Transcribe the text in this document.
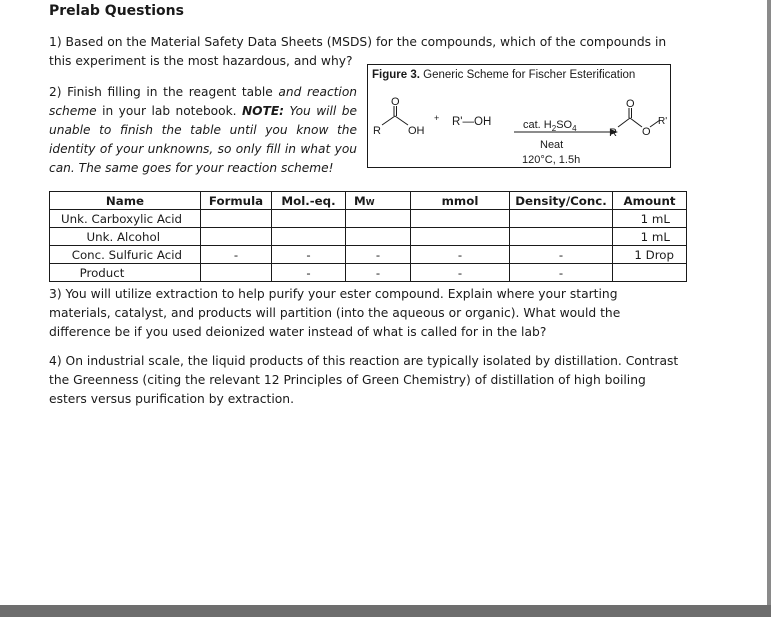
Prelab Questions
1) Based on the Material Safety Data Sheets (MSDS) for the compounds, which of the compounds in this experiment is the most hazardous, and why?
2) Finish filling in the reagent table and reaction scheme in your lab notebook. NOTE: You will be unable to finish the table until you know the identity of your unknowns, so only fill in what you can. The same goes for your reaction scheme!
Figure 3. Generic Scheme for Fischer Esterification
O
R OH
+ R'—OH	cat. $H_2SO_4$
Neat
120°C, 1.5h
O
R O
R'
Name	Formula	Mol.-eq.	MW	mmol	Density/Conc.	Amount
Unk. Carboxylic Acid						1 mL
Unk. Alcohol						1 mL
Conc. Sulfuric Acid	-	-	-	-	-	1 Drop
Product		-	-	-	-	
3) You will utilize extraction to help purify your ester compound. Explain where your starting materials, catalyst, and products will partition (into the aqueous or organic). What would the difference be if you used deionized water instead of what is called for in the lab?
4) On industrial scale, the liquid products of this reaction are typically isolated by distillation. Contrast the Greenness (citing the relevant 12 Principles of Green Chemistry) of distillation of high boiling esters versus purification by extraction.
